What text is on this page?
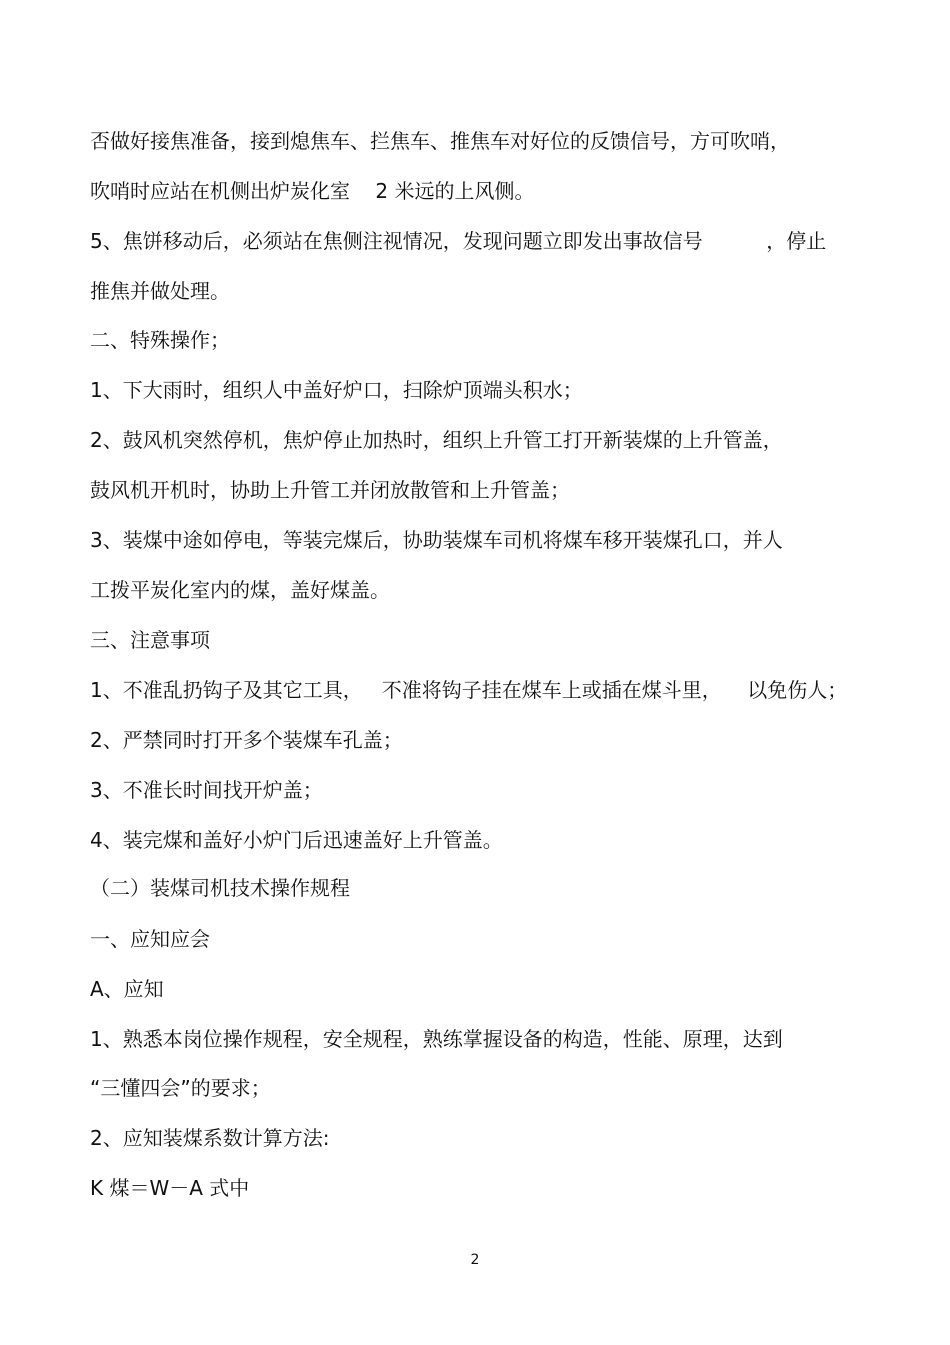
否做好接焦准备，接到熄焦车、拦焦车、推焦车对好位的反馈信号，方可吹哨，
吹哨时应站在机侧出炉炭化室    2 米远的上风侧。
5、焦饼移动后，必须站在焦侧注视情况，发现问题立即发出事故信号          ，停止
推焦并做处理。
二、特殊操作；
1、下大雨时，组织人中盖好炉口，扫除炉顶端头积水；
2、鼓风机突然停机，焦炉停止加热时，组织上升管工打开新装煤的上升管盖，
鼓风机开机时，协助上升管工并闭放散管和上升管盖；
3、装煤中途如停电，等装完煤后，协助装煤车司机将煤车移开装煤孔口，并人
工拨平炭化室内的煤，盖好煤盖。
三、注意事项
1、不准乱扔钩子及其它工具，   不准将钩子挂在煤车上或插在煤斗里，    以免伤人；
2、严禁同时打开多个装煤车孔盖；
3、不准长时间找开炉盖；
4、装完煤和盖好小炉门后迅速盖好上升管盖。
（二）装煤司机技术操作规程
一、应知应会
A、应知
1、熟悉本岗位操作规程，安全规程，熟练掌握设备的构造，性能、原理，达到
“三懂四会”的要求；
2、应知装煤系数计算方法:
K 煤＝W－A 式中
2
